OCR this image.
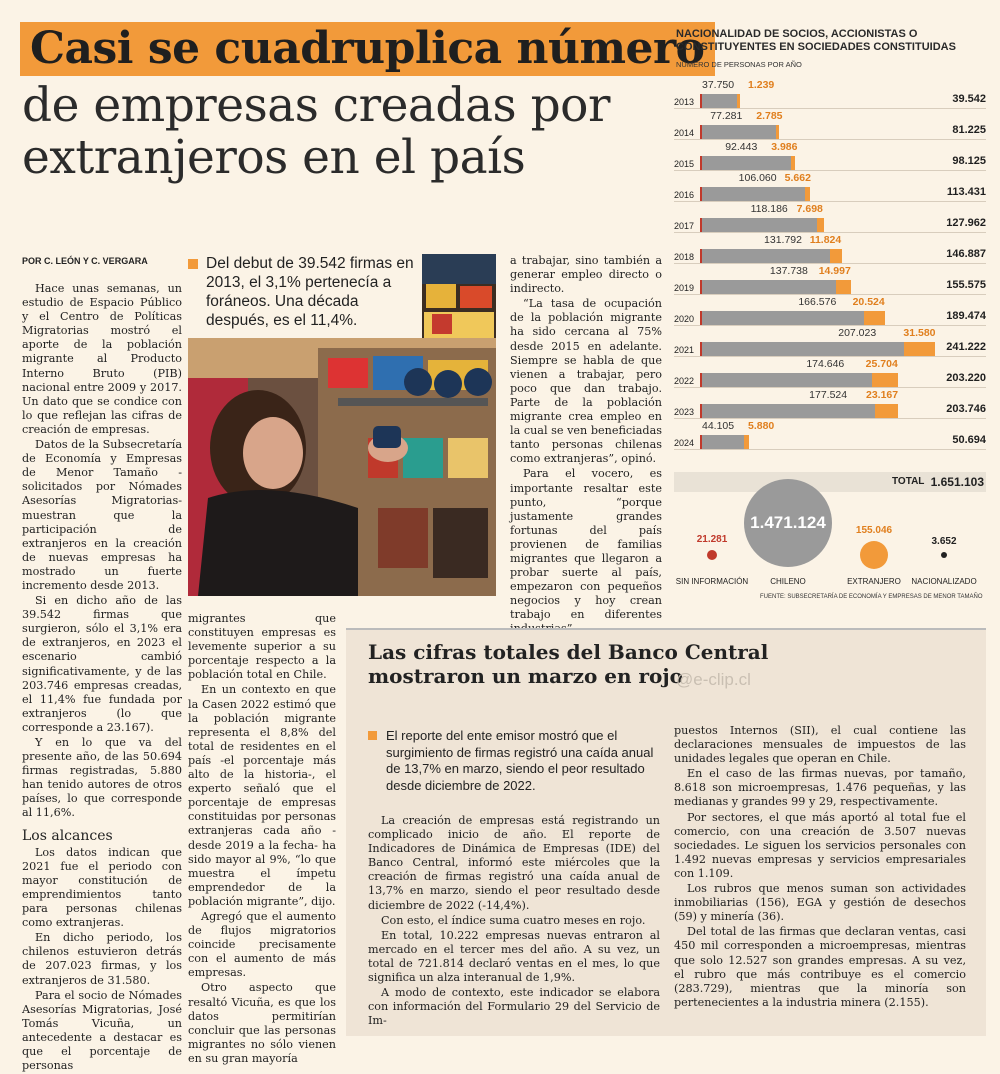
Casi se cuadruplica número
de empresas creadas por extranjeros en el país
POR C. LEÓN Y C. VERGARA

Hace unas semanas, un estudio de Espacio Público y el Centro de Políticas Migratorias mostró el aporte de la población migrante al Producto Interno Bruto (PIB) nacional entre 2009 y 2017. Un dato que se condice con lo que reflejan las cifras de creación de empresas.

Datos de la Subsecretaría de Economía y Empresas de Menor Tamaño -solicitados por Nómades Asesorías Migratorias- muestran que la participación de extranjeros en la creación de nuevas empresas ha mostrado un fuerte incremento desde 2013.

Si en dicho año de las 39.542 firmas que surgieron, sólo el 3,1% era de extranjeros, en 2023 el escenario cambió significativamente, y de las 203.746 empresas creadas, el 11,4% fue fundada por extranjeros (lo que corresponde a 23.167).

Y en lo que va del presente año, de las 50.694 firmas registradas, 5.880 han tenido autores de otros países, lo que corresponde al 11,6%.

Los alcances

Los datos indican que 2021 fue el periodo con mayor constitución de emprendimientos tanto para personas chilenas como extranjeras.

En dicho periodo, los chilenos estuvieron detrás de 207.023 firmas, y los extranjeros de 31.580.

Para el socio de Nómades Asesorías Migratorias, José Tomás Vicuña, un antecedente a destacar es que el porcentaje de personas

Del debut de 39.542 firmas en 2013, el 3,1% pertenecía a foráneos. Una década después, es el 11,4%.

migrantes que constituyen empresas es levemente superior a su porcentaje respecto a la población total en Chile.

En un contexto en que la Casen 2022 estimó que la población migrante representa el 8,8% del total de residentes en el país -el porcentaje más alto de la historia-, el experto señaló que el porcentaje de empresas constituidas por personas extranjeras cada año -desde 2019 a la fecha- ha sido mayor al 9%, “lo que muestra el ímpetu emprendedor de la población migrante”, dijo.

Agregó que el aumento de flujos migratorios coincide precisamente con el aumento de más empresas.

Otro aspecto que resaltó Vicuña, es que los datos permitirían concluir que las personas migrantes no sólo vienen en su gran mayoría

a trabajar, sino también a generar empleo directo o indirecto.

“La tasa de ocupación de la población migrante ha sido cercana al 75% desde 2015 en adelante. Siempre se habla de que vienen a trabajar, pero poco que dan trabajo. Parte de la población migrante crea empleo en la cual se ven beneficiadas tanto personas chilenas como extranjeras”, opinó.

Para el vocero, es importante resaltar este punto, “porque justamente grandes fortunas del país provienen de familias migrantes que llegaron a probar suerte al país, empezaron con pequeños negocios y hoy crean trabajo en diferentes

NACIONALIDAD DE SOCIOS, ACCIONISTAS O CONSTITUYENTES EN SOCIEDADES CONSTITUIDAS
NÚMERO DE PERSONAS POR AÑO
2013
37.750 1.239
39.542
2014
77.281 2.785
81.225
2015
92.443 3.986
98.125
2016
106.060 5.662
113.431
2017
118.186 7.698
127.962
2018
131.792 11.824
146.887
2019
137.738 14.997
155.575
2020
166.576 20.524
189.474
2021
207.023	31.580
241.222
2022
174.646 25.704
203.220
2023
177.524 23.167
203.746
2024
44.105 5.880
50.694
TOTAL 1.651.103
21.281
SIN INFORMACIÓN
1.471.124
CHILENO
155.046
EXTRANJERO
3.652
NACIONALIZADO
FUENTE: SUBSECRETARÍA DE ECONOMÍA Y EMPRESAS DE MENOR TAMAÑO
Las cifras totales del Banco Central mostraron un marzo en rojo
@e-clip.cl
El reporte del ente emisor mostró que el surgimiento de firmas registró una caída anual de 13,7% en marzo, siendo el peor resultado desde diciembre de 2022.

La creación de empresas está registrando un complicado inicio de año. El reporte de Indicadores de Dinámica de Empresas (IDE) del Banco Central, informó este miércoles que la creación de firmas registró una caída anual de 13,7% en marzo, siendo el peor resultado desde diciembre de 2022 (-14,4%).

Con esto, el índice suma cuatro meses en rojo.

En total, 10.222 empresas nuevas entraron al mercado en el tercer mes del año. A su vez, un total de 721.814 declaró ventas en el mes, lo que significa un alza interanual de 1,9%.

A modo de contexto, este indicador se elabora con información del Formulario 29 del Servicio de Im-

puestos Internos (SII), el cual contiene las declaraciones mensuales de impuestos de las unidades legales que operan en Chile.

En el caso de las firmas nuevas, por tamaño, 8.618 son microempresas, 1.476 pequeñas, y las medianas y grandes 99 y 29, respectivamente.

Por sectores, el que más aportó al total fue el comercio, con una creación de 3.507 nuevas sociedades. Le siguen los servicios personales con 1.492 nuevas empresas y servicios empresariales con 1.109.

Los rubros que menos suman son actividades inmobiliarias (156), EGA y gestión de desechos (59) y minería (36).

Del total de las firmas que declaran ventas, casi 450 mil corresponden a microempresas, mientras que solo 12.527 son grandes empresas. A su vez, el rubro que más contribuye es el comercio (283.729), mientras que la minoría son pertenecientes a la industria minera (2.155).
